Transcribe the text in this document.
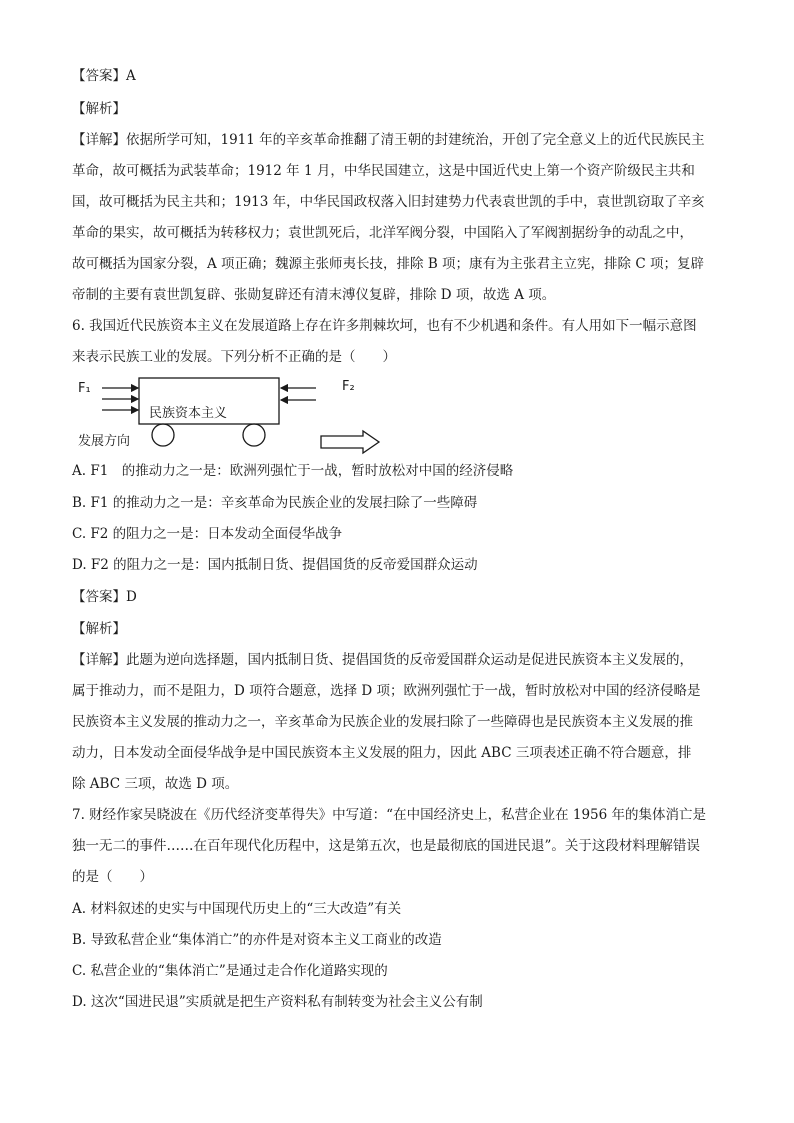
【答案】A
【解析】
【详解】依据所学可知，1911 年的辛亥革命推翻了清王朝的封建统治，开创了完全意义上的近代民族民主
革命，故可概括为武装革命；1912 年 1 月，中华民国建立，这是中国近代史上第一个资产阶级民主共和
国，故可概括为民主共和；1913 年，中华民国政权落入旧封建势力代表袁世凯的手中，袁世凯窃取了辛亥
革命的果实，故可概括为转移权力；袁世凯死后，北洋军阀分裂，中国陷入了军阀割据纷争的动乱之中，
故可概括为国家分裂，A 项正确；魏源主张师夷长技，排除 B 项；康有为主张君主立宪，排除 C 项；复辟
帝制的主要有袁世凯复辟、张勋复辟还有清末溥仪复辟，排除 D 项，故选 A 项。
6. 我国近代民族资本主义在发展道路上存在许多荆棘坎坷，也有不少机遇和条件。有人用如下一幅示意图
来表示民族工业的发展。下列分析不正确的是（　　）
F₁	F₂
民族资本主义
发展方向
A. F1　的推动力之一是：欧洲列强忙于一战，暂时放松对中国的经济侵略
B. F1 的推动力之一是：辛亥革命为民族企业的发展扫除了一些障碍
C. F2 的阻力之一是：日本发动全面侵华战争
D. F2 的阻力之一是：国内抵制日货、提倡国货的反帝爱国群众运动
【答案】D
【解析】
【详解】此题为逆向选择题，国内抵制日货、提倡国货的反帝爱国群众运动是促进民族资本主义发展的，
属于推动力，而不是阻力，D 项符合题意，选择 D 项；欧洲列强忙于一战，暂时放松对中国的经济侵略是
民族资本主义发展的推动力之一，辛亥革命为民族企业的发展扫除了一些障碍也是民族资本主义发展的推
动力，日本发动全面侵华战争是中国民族资本主义发展的阻力，因此 ABC 三项表述正确不符合题意，排
除 ABC 三项，故选 D 项。
7. 财经作家吴晓波在《历代经济变革得失》中写道：“在中国经济史上，私营企业在 1956 年的集体消亡是
独一无二的事件……在百年现代化历程中，这是第五次，也是最彻底的国进民退”。关于这段材料理解错误
的是（　　）
A. 材料叙述的史实与中国现代历史上的“三大改造”有关
B. 导致私营企业“集体消亡”的亦件是对资本主义工商业的改造
C. 私营企业的“集体消亡”是通过走合作化道路实现的
D. 这次“国进民退”实质就是把生产资料私有制转变为社会主义公有制
